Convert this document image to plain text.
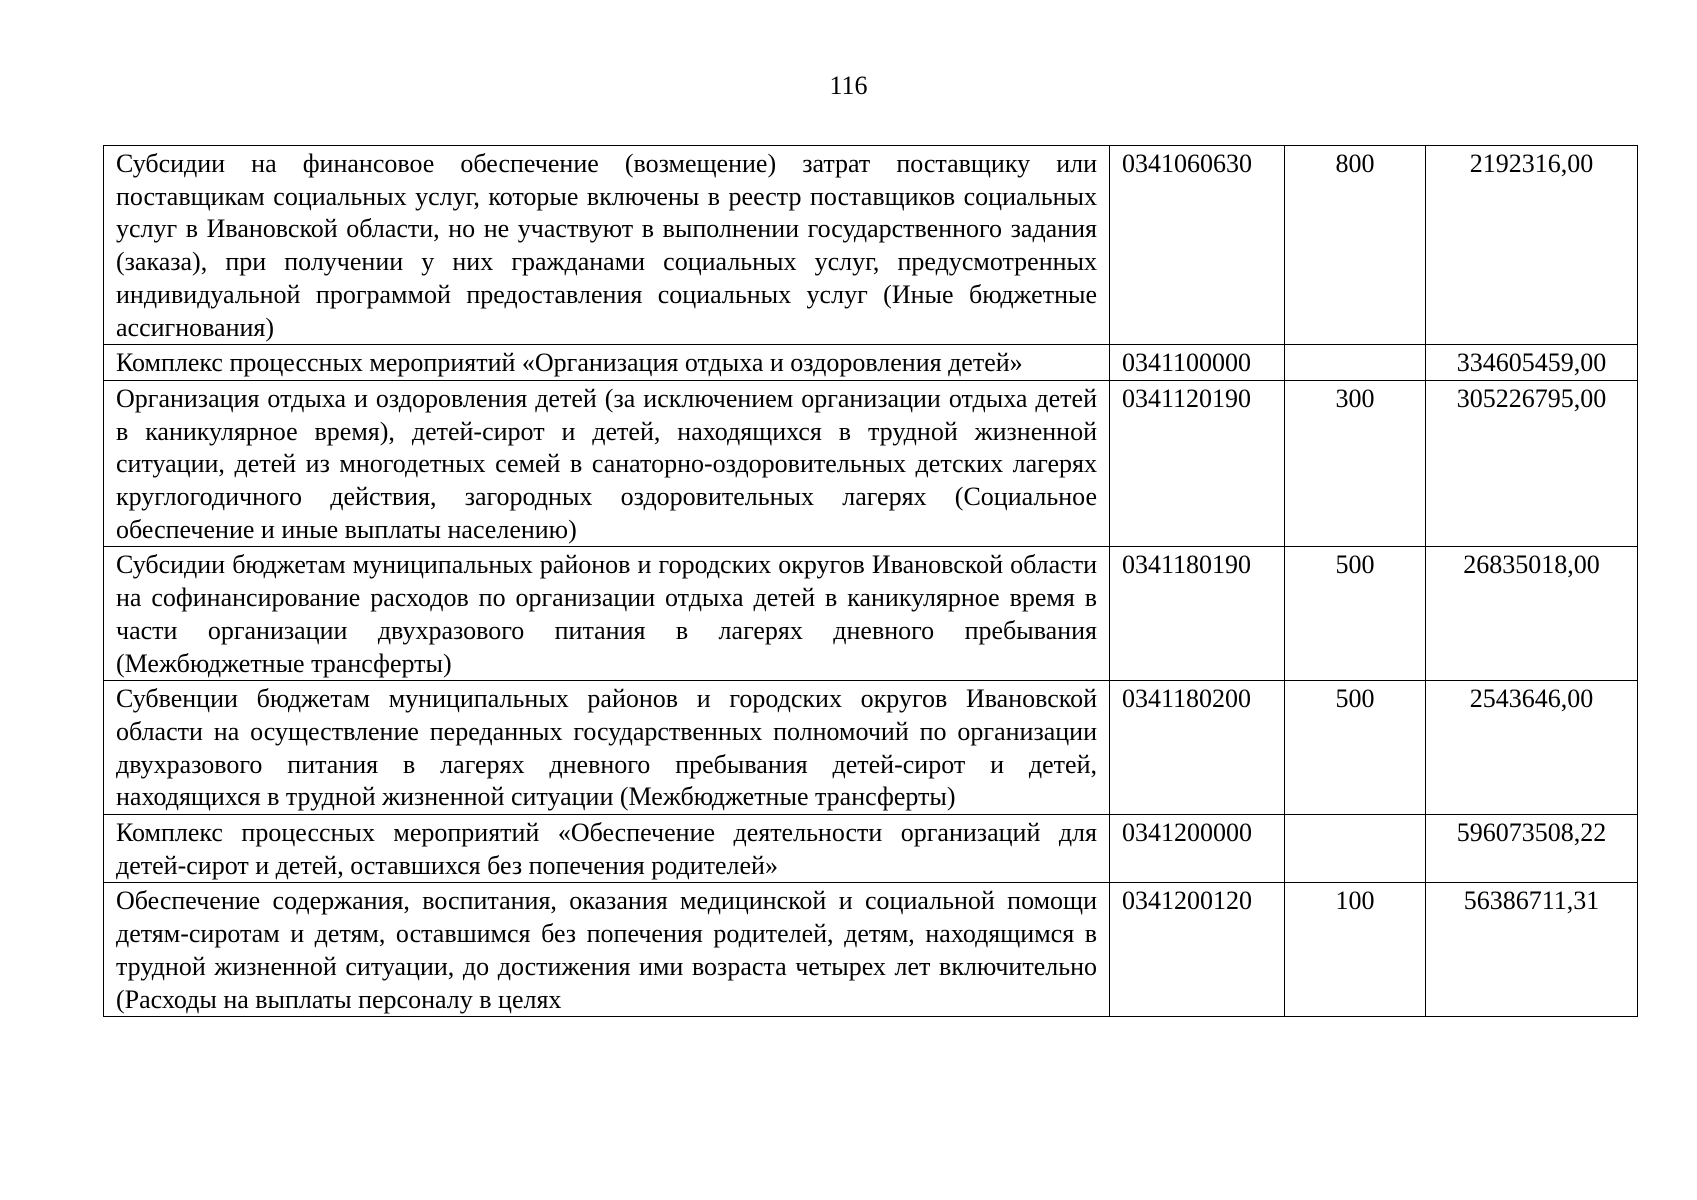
116
Субсидии на финансовое обеспечение (возмещение) затрат поставщику или поставщикам социальных услуг, которые включены в реестр поставщиков социальных услуг в Ивановской области, но не участвуют в выполнении государственного задания (заказа), при получении у них гражданами социальных услуг, предусмотренных индивидуальной программой предоставления социальных услуг (Иные бюджетные ассигнования)	0341060630	800	2192316,00
Комплекс процессных мероприятий «Организация отдыха и оздоровления детей»	0341100000		334605459,00
Организация отдыха и оздоровления детей (за исключением организации отдыха детей в каникулярное время), детей-сирот и детей, находящихся в трудной жизненной ситуации, детей из многодетных семей в санаторно-оздоровительных детских лагерях круглогодичного действия, загородных оздоровительных лагерях (Социальное обеспечение и иные выплаты населению)	0341120190	300	305226795,00
Субсидии бюджетам муниципальных районов и городских округов Ивановской области на софинансирование расходов по организации отдыха детей в каникулярное время в части организации двухразового питания в лагерях дневного пребывания (Межбюджетные трансферты)	0341180190	500	26835018,00
Субвенции бюджетам муниципальных районов и городских округов Ивановской области на осуществление переданных государственных полномочий по организации двухразового питания в лагерях дневного пребывания детей-сирот и детей, находящихся в трудной жизненной ситуации (Межбюджетные трансферты)	0341180200	500	2543646,00
Комплекс процессных мероприятий «Обеспечение деятельности организаций для детей-сирот и детей, оставшихся без попечения родителей»	0341200000		596073508,22
Обеспечение содержания, воспитания, оказания медицинской и социальной помощи детям-сиротам и детям, оставшимся без попечения родителей, детям, находящимся в трудной жизненной ситуации, до достижения ими возраста четырех лет включительно (Расходы на выплаты персоналу в целях	0341200120	100	56386711,31
